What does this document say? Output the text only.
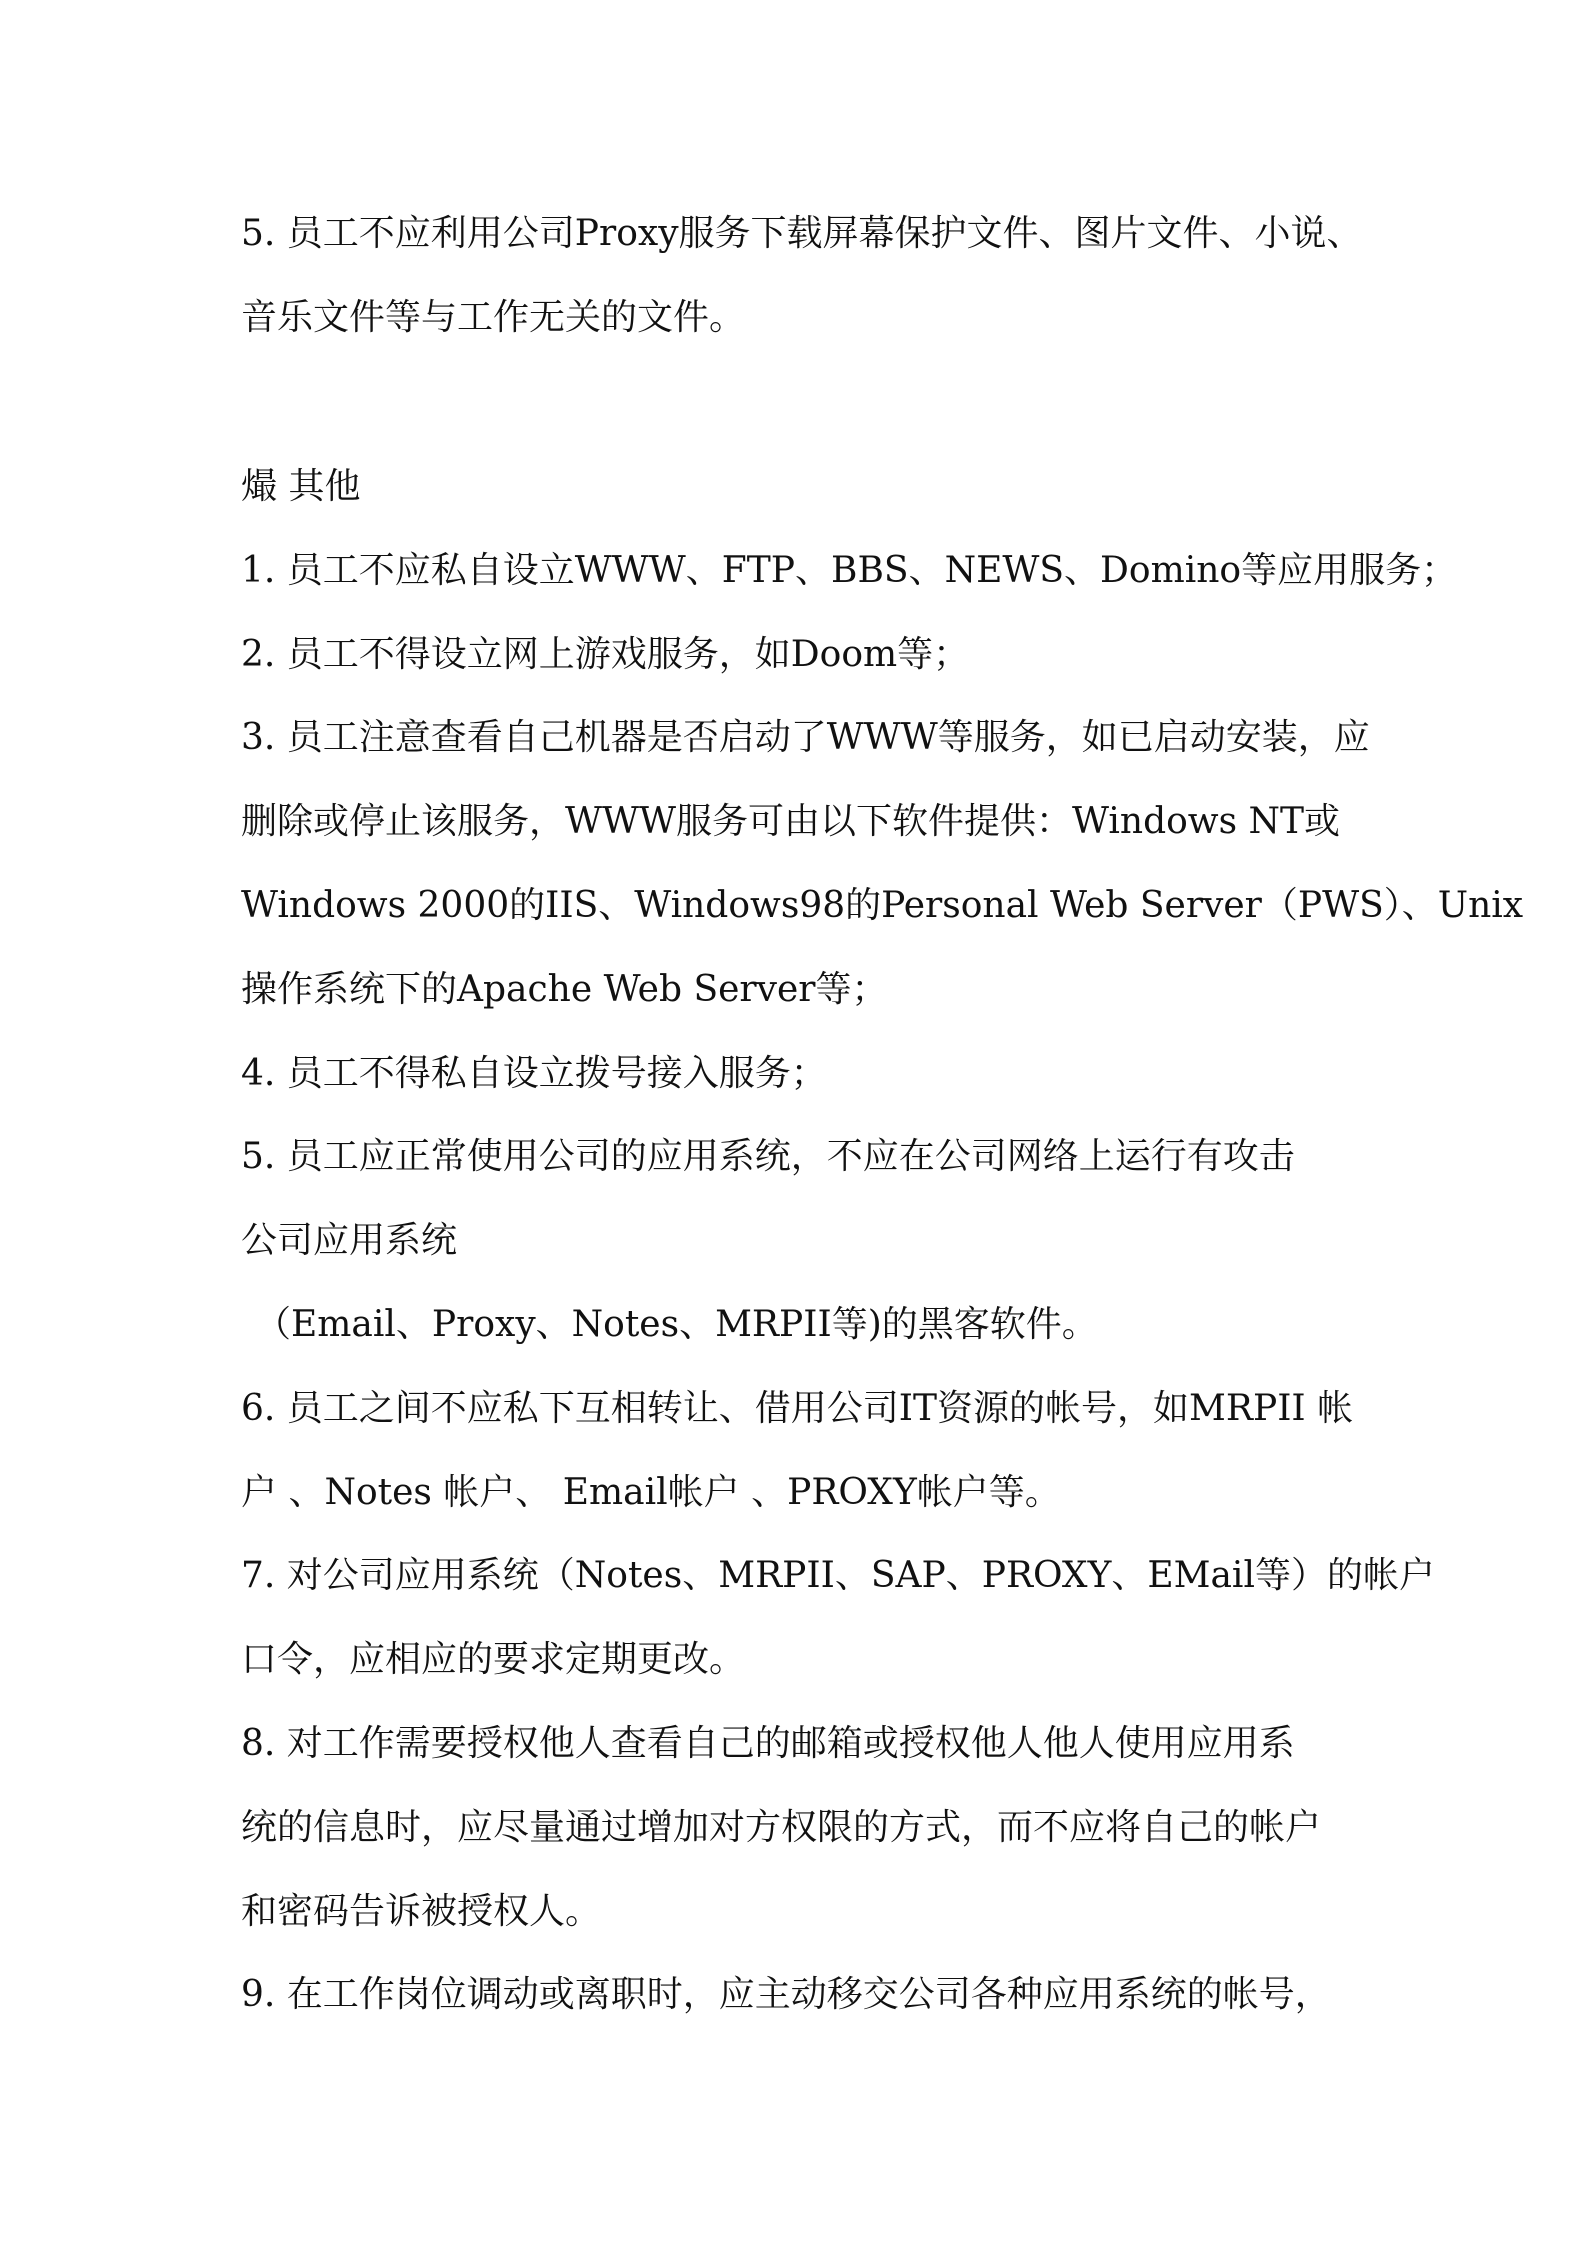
5. 员工不应利用公司Proxy服务下载屏幕保护文件、图片文件、小说、
音乐文件等与工作无关的文件。
熶 其他
1. 员工不应私自设立WWW、FTP、BBS、NEWS、Domino等应用服务；
2. 员工不得设立网上游戏服务，如Doom等；
3. 员工注意查看自己机器是否启动了WWW等服务，如已启动安装，应
删除或停止该服务，WWW服务可由以下软件提供：Windows NT或
Windows 2000的IIS、Windows98的Personal Web Server（PWS）、Unix
操作系统下的Apache Web Server等；
4. 员工不得私自设立拨号接入服务；
5. 员工应正常使用公司的应用系统，不应在公司网络上运行有攻击
公司应用系统
（Email、Proxy、Notes、MRPII等)的黑客软件。
6. 员工之间不应私下互相转让、借用公司IT资源的帐号，如MRPII 帐
户 、Notes 帐户、 Email帐户 、PROXY帐户等。
7. 对公司应用系统（Notes、MRPII、SAP、PROXY、EMail等）的帐户
口令，应相应的要求定期更改。
8. 对工作需要授权他人查看自己的邮箱或授权他人他人使用应用系
统的信息时，应尽量通过增加对方权限的方式，而不应将自己的帐户
和密码告诉被授权人。
9. 在工作岗位调动或离职时，应主动移交公司各种应用系统的帐号，
